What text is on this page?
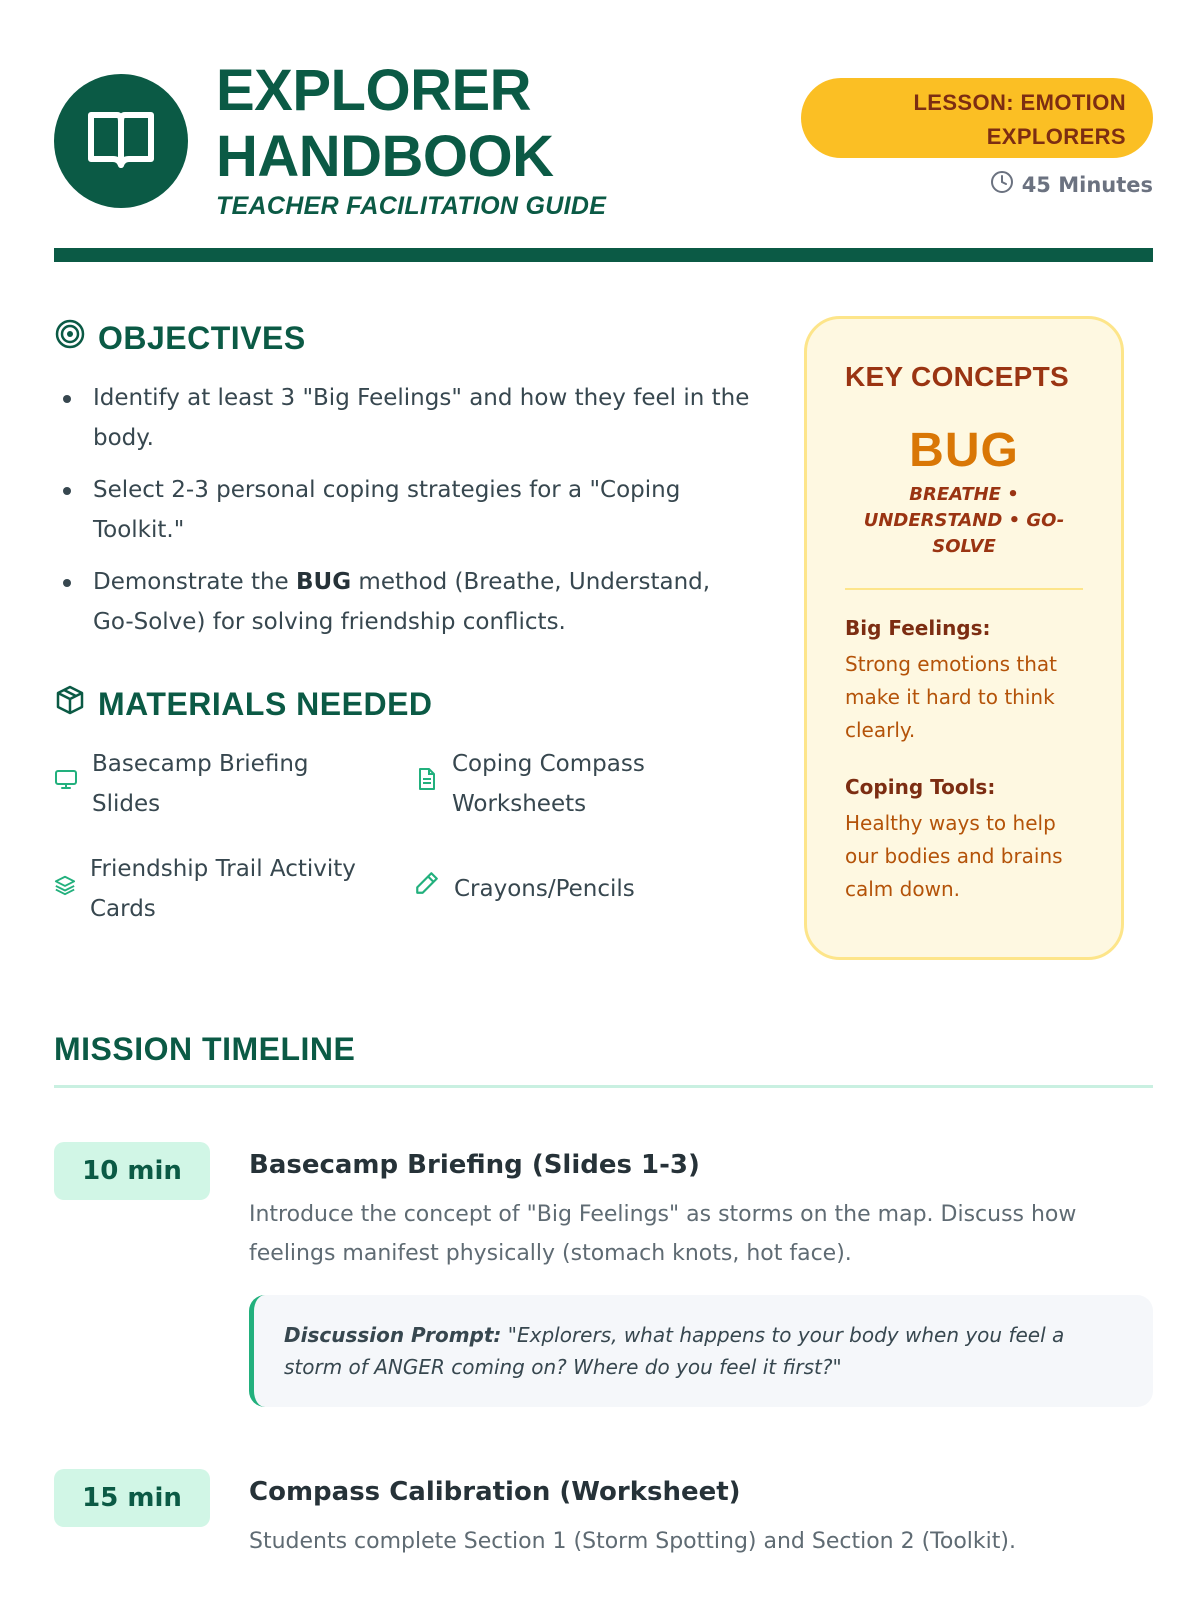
EXPLORER
HANDBOOK
TEACHER FACILITATION GUIDE
LESSON: EMOTION
EXPLORERS
45 Minutes
OBJECTIVES
Identify at least 3 "Big Feelings" and how they feel in the body.
Select 2-3 personal coping strategies for a "Coping Toolkit."
Demonstrate the BUG method (Breathe, Understand, Go-Solve) for solving friendship conflicts.
MATERIALS NEEDED
Basecamp Briefing Slides
Coping Compass Worksheets
Friendship Trail Activity Cards
Crayons/Pencils
KEY CONCEPTS
BUG
BREATHE • UNDERSTAND • GO-SOLVE
Big Feelings:
Strong emotions that make it hard to think clearly.
Coping Tools:
Healthy ways to help our bodies and brains calm down.
MISSION TIMELINE
10 min	Basecamp Briefing (Slides 1-3)
Introduce the concept of "Big Feelings" as storms on the map. Discuss how feelings manifest physically (stomach knots, hot face).
Discussion Prompt: "Explorers, what happens to your body when you feel a storm of ANGER coming on? Where do you feel it first?"
15 min	Compass Calibration (Worksheet)
Students complete Section 1 (Storm Spotting) and Section 2 (Toolkit).
